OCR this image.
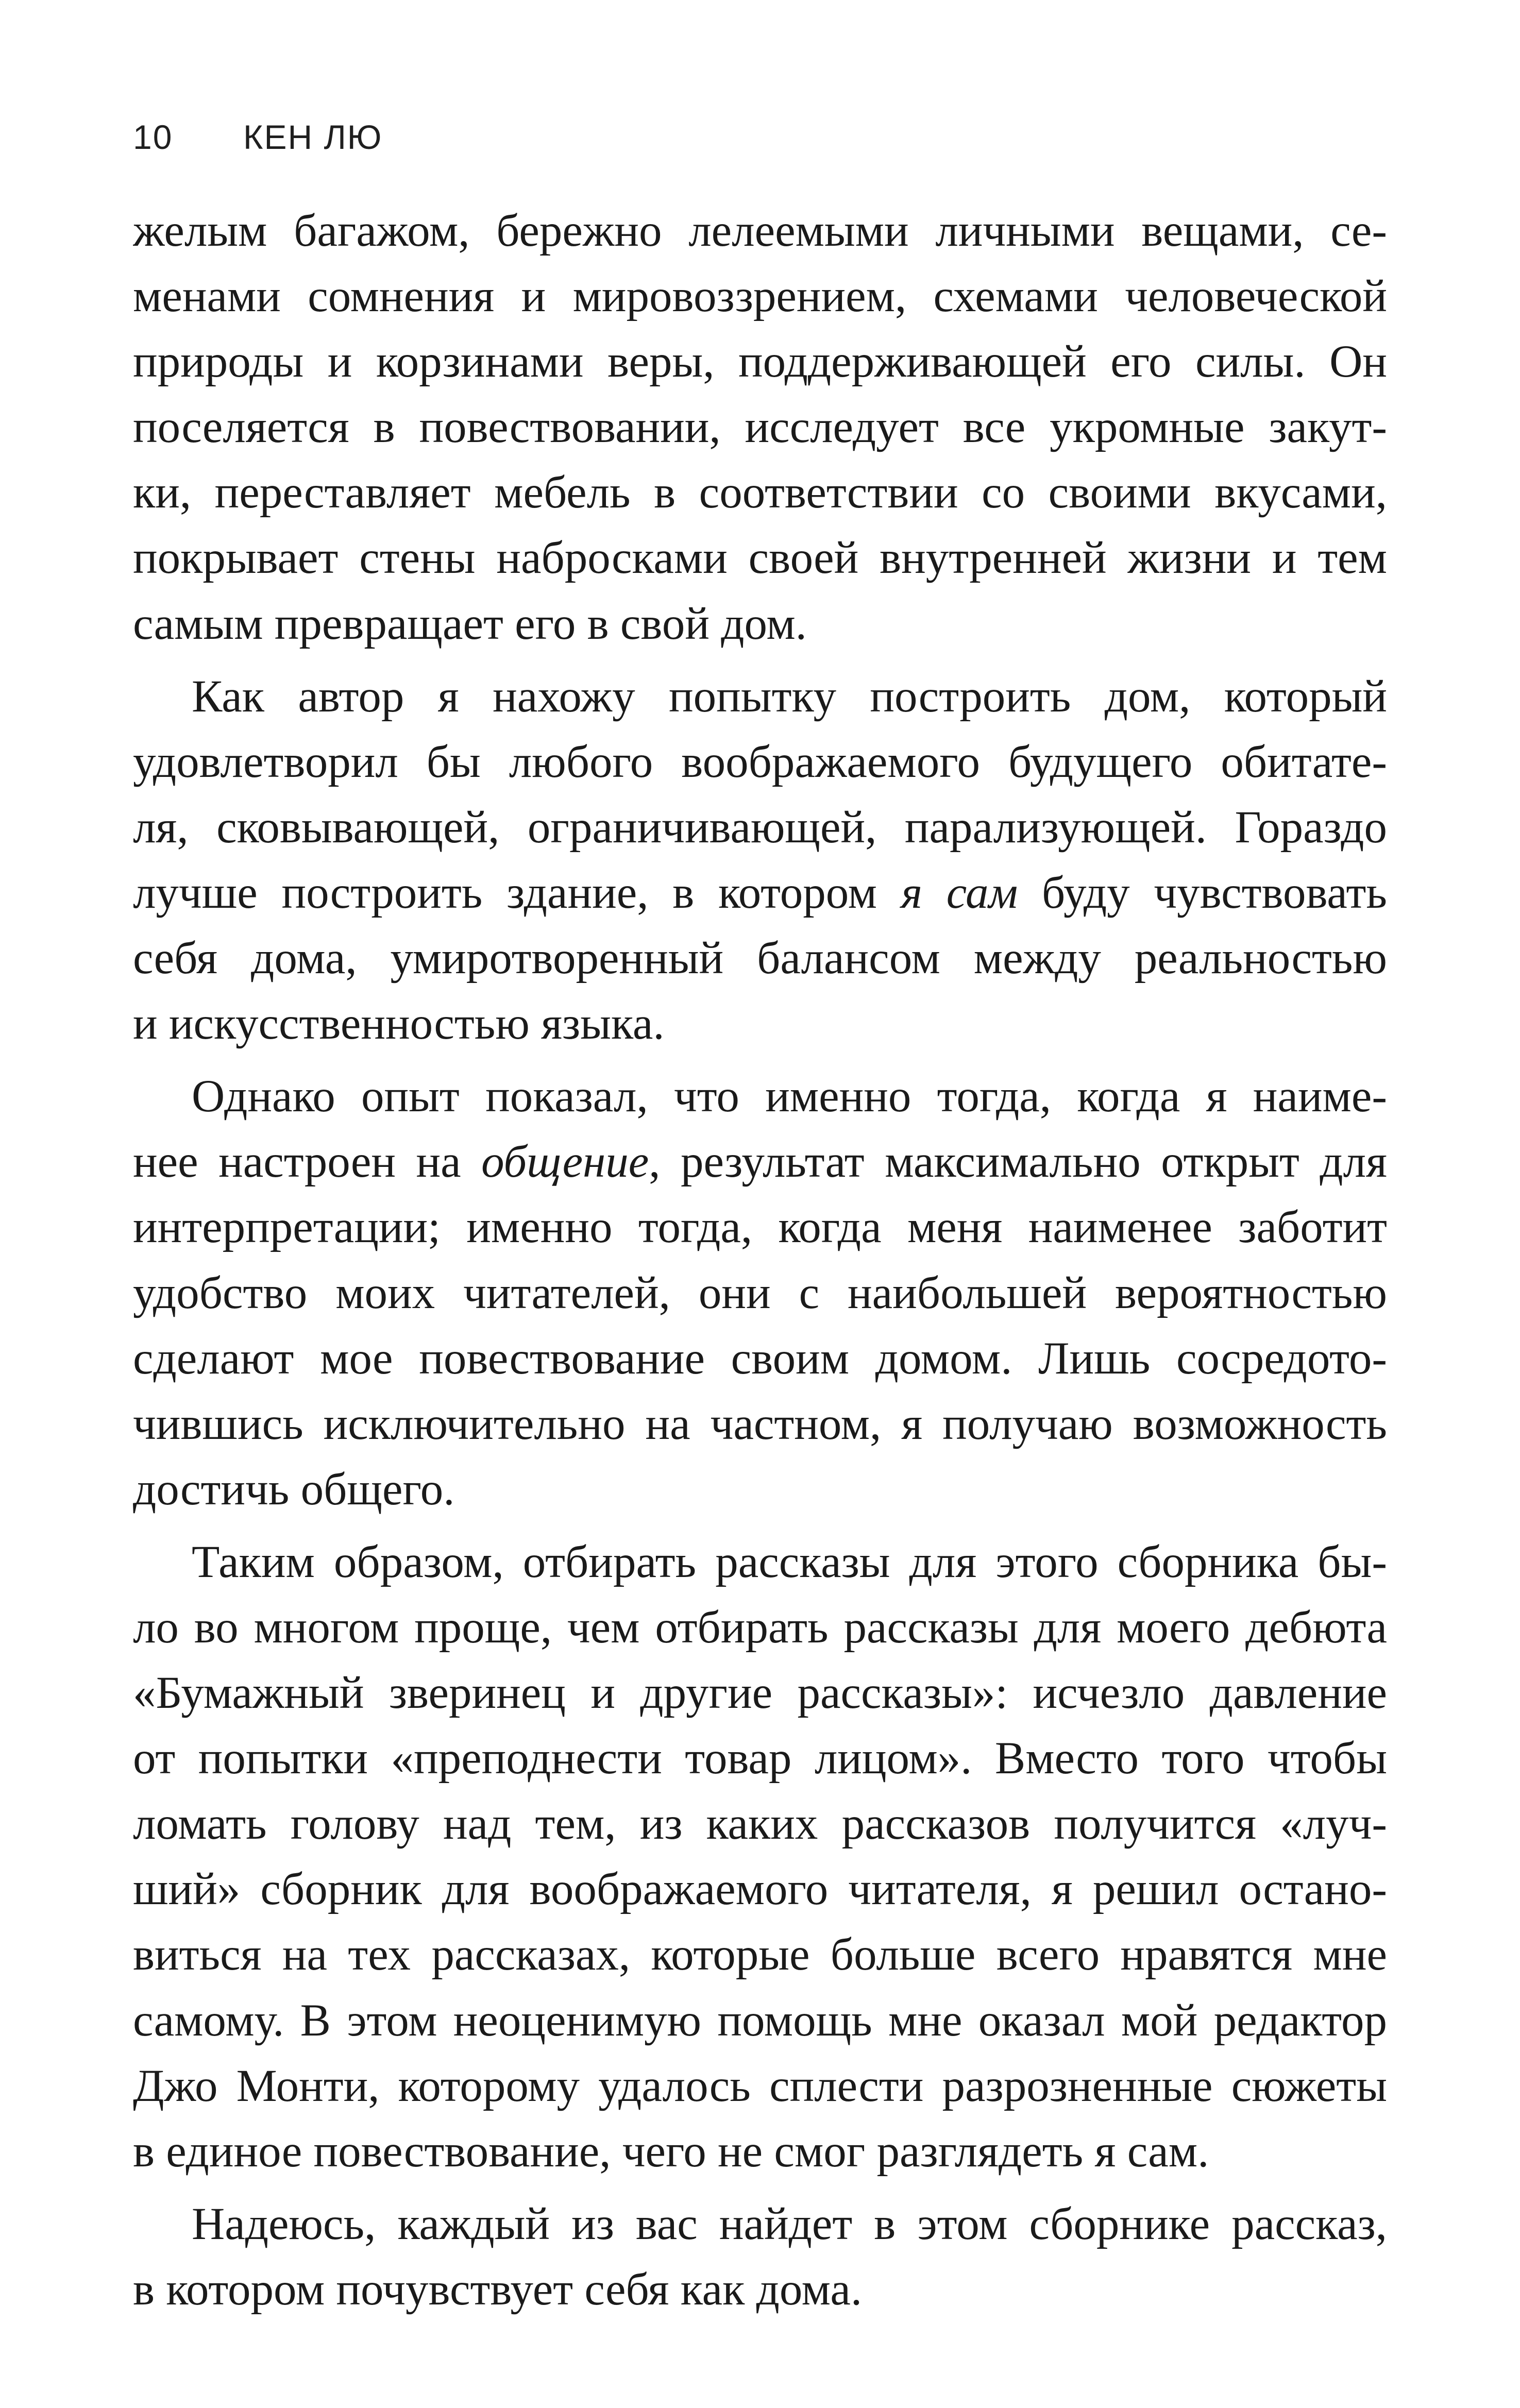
10 КЕН ЛЮ
желым багажом, бережно лелеемыми личными вещами, се-
менами сомнения и мировоззрением, схемами человеческой
природы и корзинами веры, поддерживающей его силы. Он
поселяется в повествовании, исследует все укромные закут-
ки, переставляет мебель в соответствии со своими вкусами,
покрывает стены набросками своей внутренней жизни и тем
самым превращает его в свой дом.
Как автор я нахожу попытку построить дом, который
удовлетворил бы любого воображаемого будущего обитате-
ля, сковывающей, ограничивающей, парализующей. Гораздо
лучше построить здание, в котором я сам буду чувствовать
себя дома, умиротворенный балансом между реальностью
и искусственностью языка.
Однако опыт показал, что именно тогда, когда я наиме-
нее настроен на общение, результат максимально открыт для
интерпретации; именно тогда, когда меня наименее заботит
удобство моих читателей, они с наибольшей вероятностью
сделают мое повествование своим домом. Лишь сосредото-
чившись исключительно на частном, я получаю возможность
достичь общего.
Таким образом, отбирать рассказы для этого сборника бы-
ло во многом проще, чем отбирать рассказы для моего дебюта
«Бумажный зверинец и другие рассказы»: исчезло давление
от попытки «преподнести товар лицом». Вместо того чтобы
ломать голову над тем, из каких рассказов получится «луч-
ший» сборник для воображаемого читателя, я решил остано-
виться на тех рассказах, которые больше всего нравятся мне
самому. В этом неоценимую помощь мне оказал мой редактор
Джо Монти, которому удалось сплести разрозненные сюжеты
в единое повествование, чего не смог разглядеть я сам.
Надеюсь, каждый из вас найдет в этом сборнике рассказ,
в котором почувствует себя как дома.
